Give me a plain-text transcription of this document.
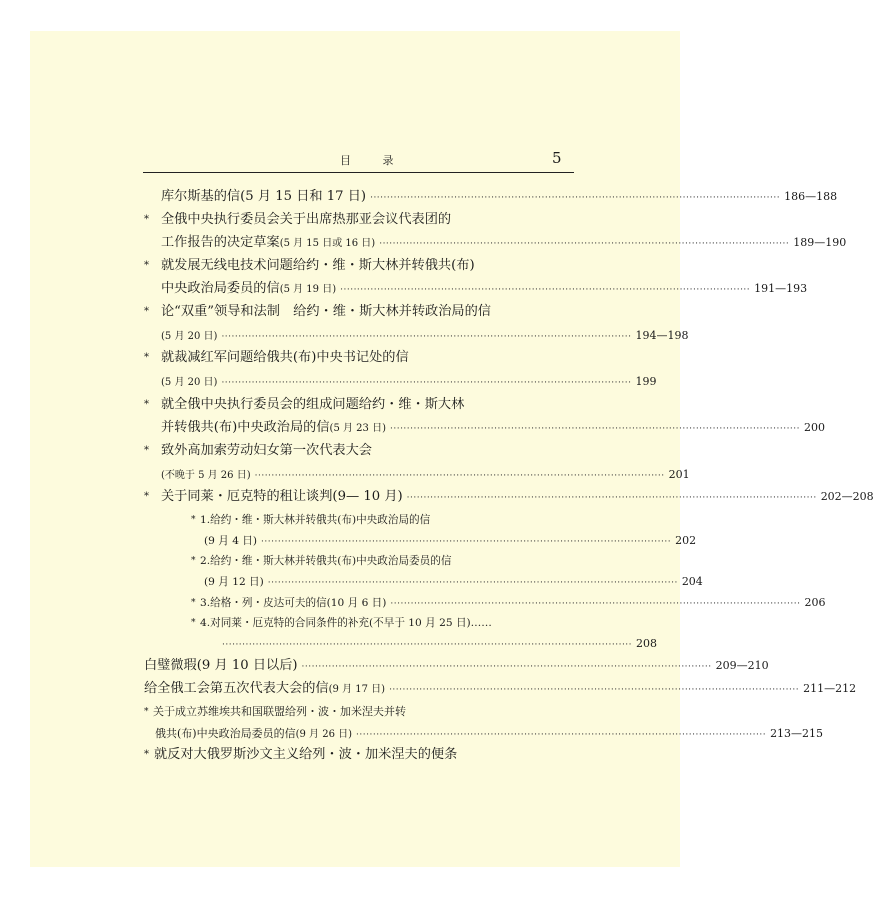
目 录	5
库尔斯基的信(5 月 15 日和 17 日) ·························································································································· 186—188
* 全俄中央执行委员会关于出席热那亚会议代表团的
工作报告的决定草案 (5 月 15 日或 16 日) ·························································································································· 189—190
* 就发展无线电技术问题给约・维・斯大林并转俄共(布)
中央政治局委员的信 (5 月 19 日) ·························································································································· 191—193
* 论“双重”领导和法制　给约・维・斯大林并转政治局的信
(5 月 20 日) ·························································································································· 194—198
* 就裁减红军问题给俄共(布)中央书记处的信
(5 月 20 日) ·························································································································· 199
* 就全俄中央执行委员会的组成问题给约・维・斯大林
并转俄共(布)中央政治局的信 (5 月 23 日) ·························································································································· 200
* 致外高加索劳动妇女第一次代表大会
(不晚于 5 月 26 日) ·························································································································· 201
* 关于同莱・厄克特的租让谈判(9— 10 月) ·························································································································· 202—208
* 1.给约・维・斯大林并转俄共(布)中央政治局的信
(9 月 4 日) ·························································································································· 202
* 2.给约・维・斯大林并转俄共(布)中央政治局委员的信
(9 月 12 日) ·························································································································· 204
* 3.给格・列・皮达可夫的信(10 月 6 日) ·························································································································· 206
* 4.对同莱・厄克特的合同条件的补充(不早于 10 月 25 日)……
·························································································································· 208
白璧微瑕(9 月 10 日以后) ·························································································································· 209—210
给全俄工会第五次代表大会的信 (9 月 17 日) ·························································································································· 211—212
* 关于成立苏维埃共和国联盟给列・波・加米涅夫并转
俄共(布)中央政治局委员的信 (9 月 26 日) ·························································································································· 213—215
* 就反对大俄罗斯沙文主义给列・波・加米涅夫的便条
